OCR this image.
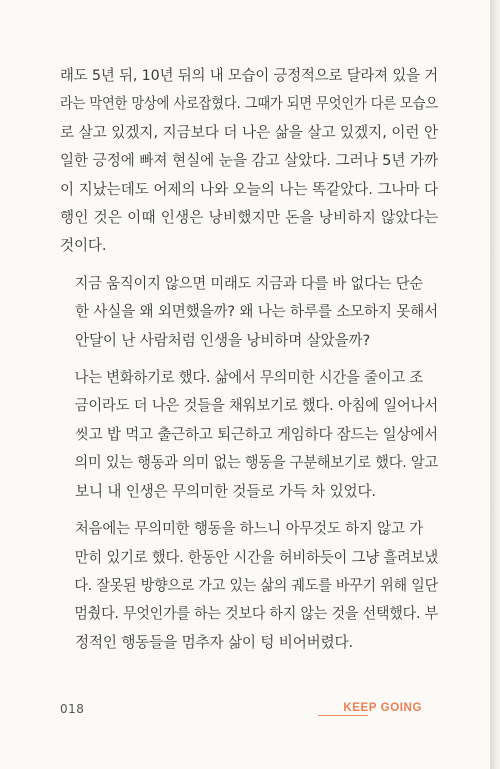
래도 5년 뒤, 10년 뒤의 내 모습이 긍정적으로 달라져 있을 거
라는 막연한 망상에 사로잡혔다. 그때가 되면 무엇인가 다른 모습으
로 살고 있겠지, 지금보다 더 나은 삶을 살고 있겠지, 이런 안
일한 긍정에 빠져 현실에 눈을 감고 살았다. 그러나 5년 가까
이 지났는데도 어제의 나와 오늘의 나는 똑같았다. 그나마 다
행인 것은 이때 인생은 낭비했지만 돈을 낭비하지 않았다는
것이다.

지금 움직이지 않으면 미래도 지금과 다를 바 없다는 단순
한 사실을 왜 외면했을까? 왜 나는 하루를 소모하지 못해서
안달이 난 사람처럼 인생을 낭비하며 살았을까?

나는 변화하기로 했다. 삶에서 무의미한 시간을 줄이고 조
금이라도 더 나은 것들을 채워보기로 했다. 아침에 일어나서
씻고 밥 먹고 출근하고 퇴근하고 게임하다 잠드는 일상에서
의미 있는 행동과 의미 없는 행동을 구분해보기로 했다. 알고
보니 내 인생은 무의미한 것들로 가득 차 있었다.

처음에는 무의미한 행동을 하느니 아무것도 하지 않고 가
만히 있기로 했다. 한동안 시간을 허비하듯이 그냥 흘려보냈
다. 잘못된 방향으로 가고 있는 삶의 궤도를 바꾸기 위해 일단
멈췄다. 무엇인가를 하는 것보다 하지 않는 것을 선택했다. 부
정적인 행동들을 멈추자 삶이 텅 비어버렸다.

018	KEEP GOING
